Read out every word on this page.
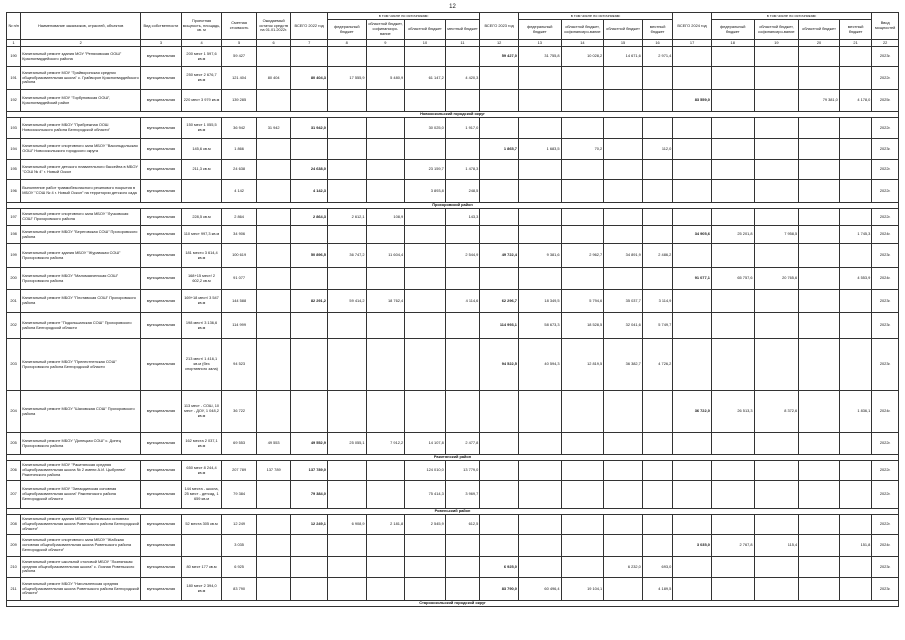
12
№ п/п	Наименование заказчиков, отраслей, объектов	Вид собственности	Проектная мощность, площадь, кв. м	Сметная стоимость	Ожидаемый остаток средств на 01.01.2022г.	ВСЕГО 2022 год	в том числе по источникам:				ВСЕГО 2023 год	в том числе по источникам:				ВСЕГО 2024 год	в том числе по источникам:				Ввод мощностей
							федеральный бюджет	областной бюджет, софинансиро-вание	областной бюджет	местный бюджет		федеральный бюджет	областной бюджет, софинансиро-вание	областной бюджет	местный бюджет		федеральный бюджет	областной бюджет, софинансиро-вание	областной бюджет	местный бюджет	
1	2	3	4	5	6	7	8	9	10	11	12	13	14	15	16	17	18	19	20	21	22
190	Капитальный ремонт здания МОУ "Репяховская ООШ" Красногвардейского района	муниципальная	200 мест 1 597,6 кв.м	59 427							59 427,0	31 755,8	10 028,2	14 671,6	2 971,4						2023г.
191	Капитальный ремонт МОУ "Грайворонская средняя общеобразовательная школа" с. Грайворон Красногвардейского района	муниципальная	250 мест 2 676,7 кв.м	121 404	80 404	80 404,3	17 555,9	5 480,9	61 147,2	4 420,3											2022г.
192	Капитальный ремонт МОУ "Горбуновская ООШ", Красногвардейский район	муниципальная	220 мест 3 979 кв.м	139 285												83 559,0			79 381,0	4 178,0	2025г.
Новооскольский городской округ																					
193	Капитальный ремонт МБОУ "Прибрежная ООШ Новооскольского района Белгородской области"	муниципальная	150 мест 1 055,5 кв.м	36 942	31 942	31 942,0			30 025,0	1 917,0											2022г.
194	Капитальный ремонт спортивного зала МБОУ "Васильдольская ООШ" Новооскольского городского округа	муниципальная	145,6 кв.м	1 866							1 865,7	1 683,5	70,2		112,0						2023г.
195	Капитальный ремонт детского плавательного бассейна в МБОУ "СОШ № 4" г. Новый Оскол	муниципальная	211,3 кв.м	24 638		24 638,0			23 159,7	1 478,3											2022г.
196	Выполнение работ травмобезопасного резинового покрытия в МБОУ "СОШ № 4 г. Новый Оскол" на территории детского сада	муниципальная		4 142		4 142,3			3 893,8	248,5											2022г.
Прохоровский район																					
197	Капитальный ремонт спортивного зала МБОУ "Лучковская СОШ" Прохоровского района	муниципальная	228,5 кв.м	2 864		2 864,3	2 612,1	108,9		143,3											2022г.
198	Капитальный ремонт МБОУ "Береговская СОШ" Прохоровского района	муниципальная	110 мест 997,3 кв.м	34 906												34 905,6	25 201,8	7 958,5		1 745,3	2024г.
199	Капитальный ремонт здания МБОУ "Журавская СОШ" Прохоровского района	муниципальная	181 место 3 614,4 кв.м	100 619		50 896,5	36 747,2	11 604,4		2 544,9	49 722,4	9 381,6	2 962,7	34 891,9	2 486,2						2023г.
200	Капитальный ремонт МБОУ "Маломаяченская СОШ" Прохоровского района	муниципальная	168+15 мест/ 2 602,2 кв.м	91 077												91 077,1	65 757,6	20 765,6		4 553,9	2024г.
201	Капитальный ремонт МБОУ "Плотавская СОШ" Прохоровского района	муниципальная	169+18 мест/ 3 547 кв.м	144 588		82 291,2	59 414,2	18 762,4		4 114,6	62 296,7	18 349,5	5 794,6	35 037,7	3 114,9						2023г.
202	Капитальный ремонт "Подольшанская СОШ" Прохоровского района Белгородской области	муниципальная	198 мест/ 3 136,6 кв.м	114 999							114 993,1	58 673,3	18 528,5	32 041,6	5 749,7						2023г.
203	Капитальный ремонт МБОУ "Прелестненская СОШ" Прохоровского района Белгородской области	муниципальная	213 мест/ 1 416,1 кв.м (без спортивного зала)	94 523							94 522,5	40 594,3	12 819,5	36 382,7	4 726,2						2023г.
204	Капитальный ремонт МБОУ "Шаховская СОШ" Прохоровского района	муниципальная	113 мест - СОШ, 10 мест - ДОУ, 1 048,2 кв.м	36 722												36 722,0	26 513,3	8 372,6		1 836,1	2024г.
205	Капитальный ремонт МБОУ "Донецкая СОШ" с. Донец Прохоровского района	муниципальная	162 места 2 037,1 кв.м	69 553	49 553	49 552,9	25 055,1	7 912,2	14 107,8	2 477,8											2022г.
Ракитянский район																					
206	Капитальный ремонт МОУ "Ракитянская средняя общеобразовательная школа № 2 имени А.И. Цыбулева" Ракитянского района	муниципальная	650 мест 8 244,4 кв.м	207 789	137 789	137 789,0			124 010,0	13 779,0											2022г.
207	Капитальный ремонт МОУ "Зинаидинская основная общеобразовательная школа" Ракитянского района Белгородской области	муниципальная	144 места - школа, 25 мест - детсад, 1 659 кв.м	79 384		79 384,0			75 414,3	3 969,7											2022г.
Ровеньский район																					
208	Капитальный ремонт здания МБОУ "Ерёмовская основная общеобразовательная школа Ровеньского района Белгородской области"	муниципальная	52 места 305 кв.м	12 249		12 249,1	6 908,9	2 181,8	2 545,9	612,5											2022г.
209	Капитальный ремонт спортивного зала МБОУ "Жабская основная общеобразовательная школа Ровеньского района Белгородской области"	муниципальная		3 035												3 035,0	2 767,8	115,4		151,8	2024г.
210	Капитальный ремонт школьной столовой МБОУ "Лознянская средняя общеобразовательная школа" с. Лозная Ровеньского района	муниципальная	80 мест 177 кв.м	6 925							6 925,0			6 232,0	693,0						2023г.
211	Капитальный ремонт МБОУ "Нагольненская средняя общеобразовательная школа Ровеньского района Белгородской области"	муниципальная	180 мест 2 394,0 кв.м	83 790							83 790,0	60 496,4	19 104,1		4 189,5						2023г.
Старооскольский городской округ																					
